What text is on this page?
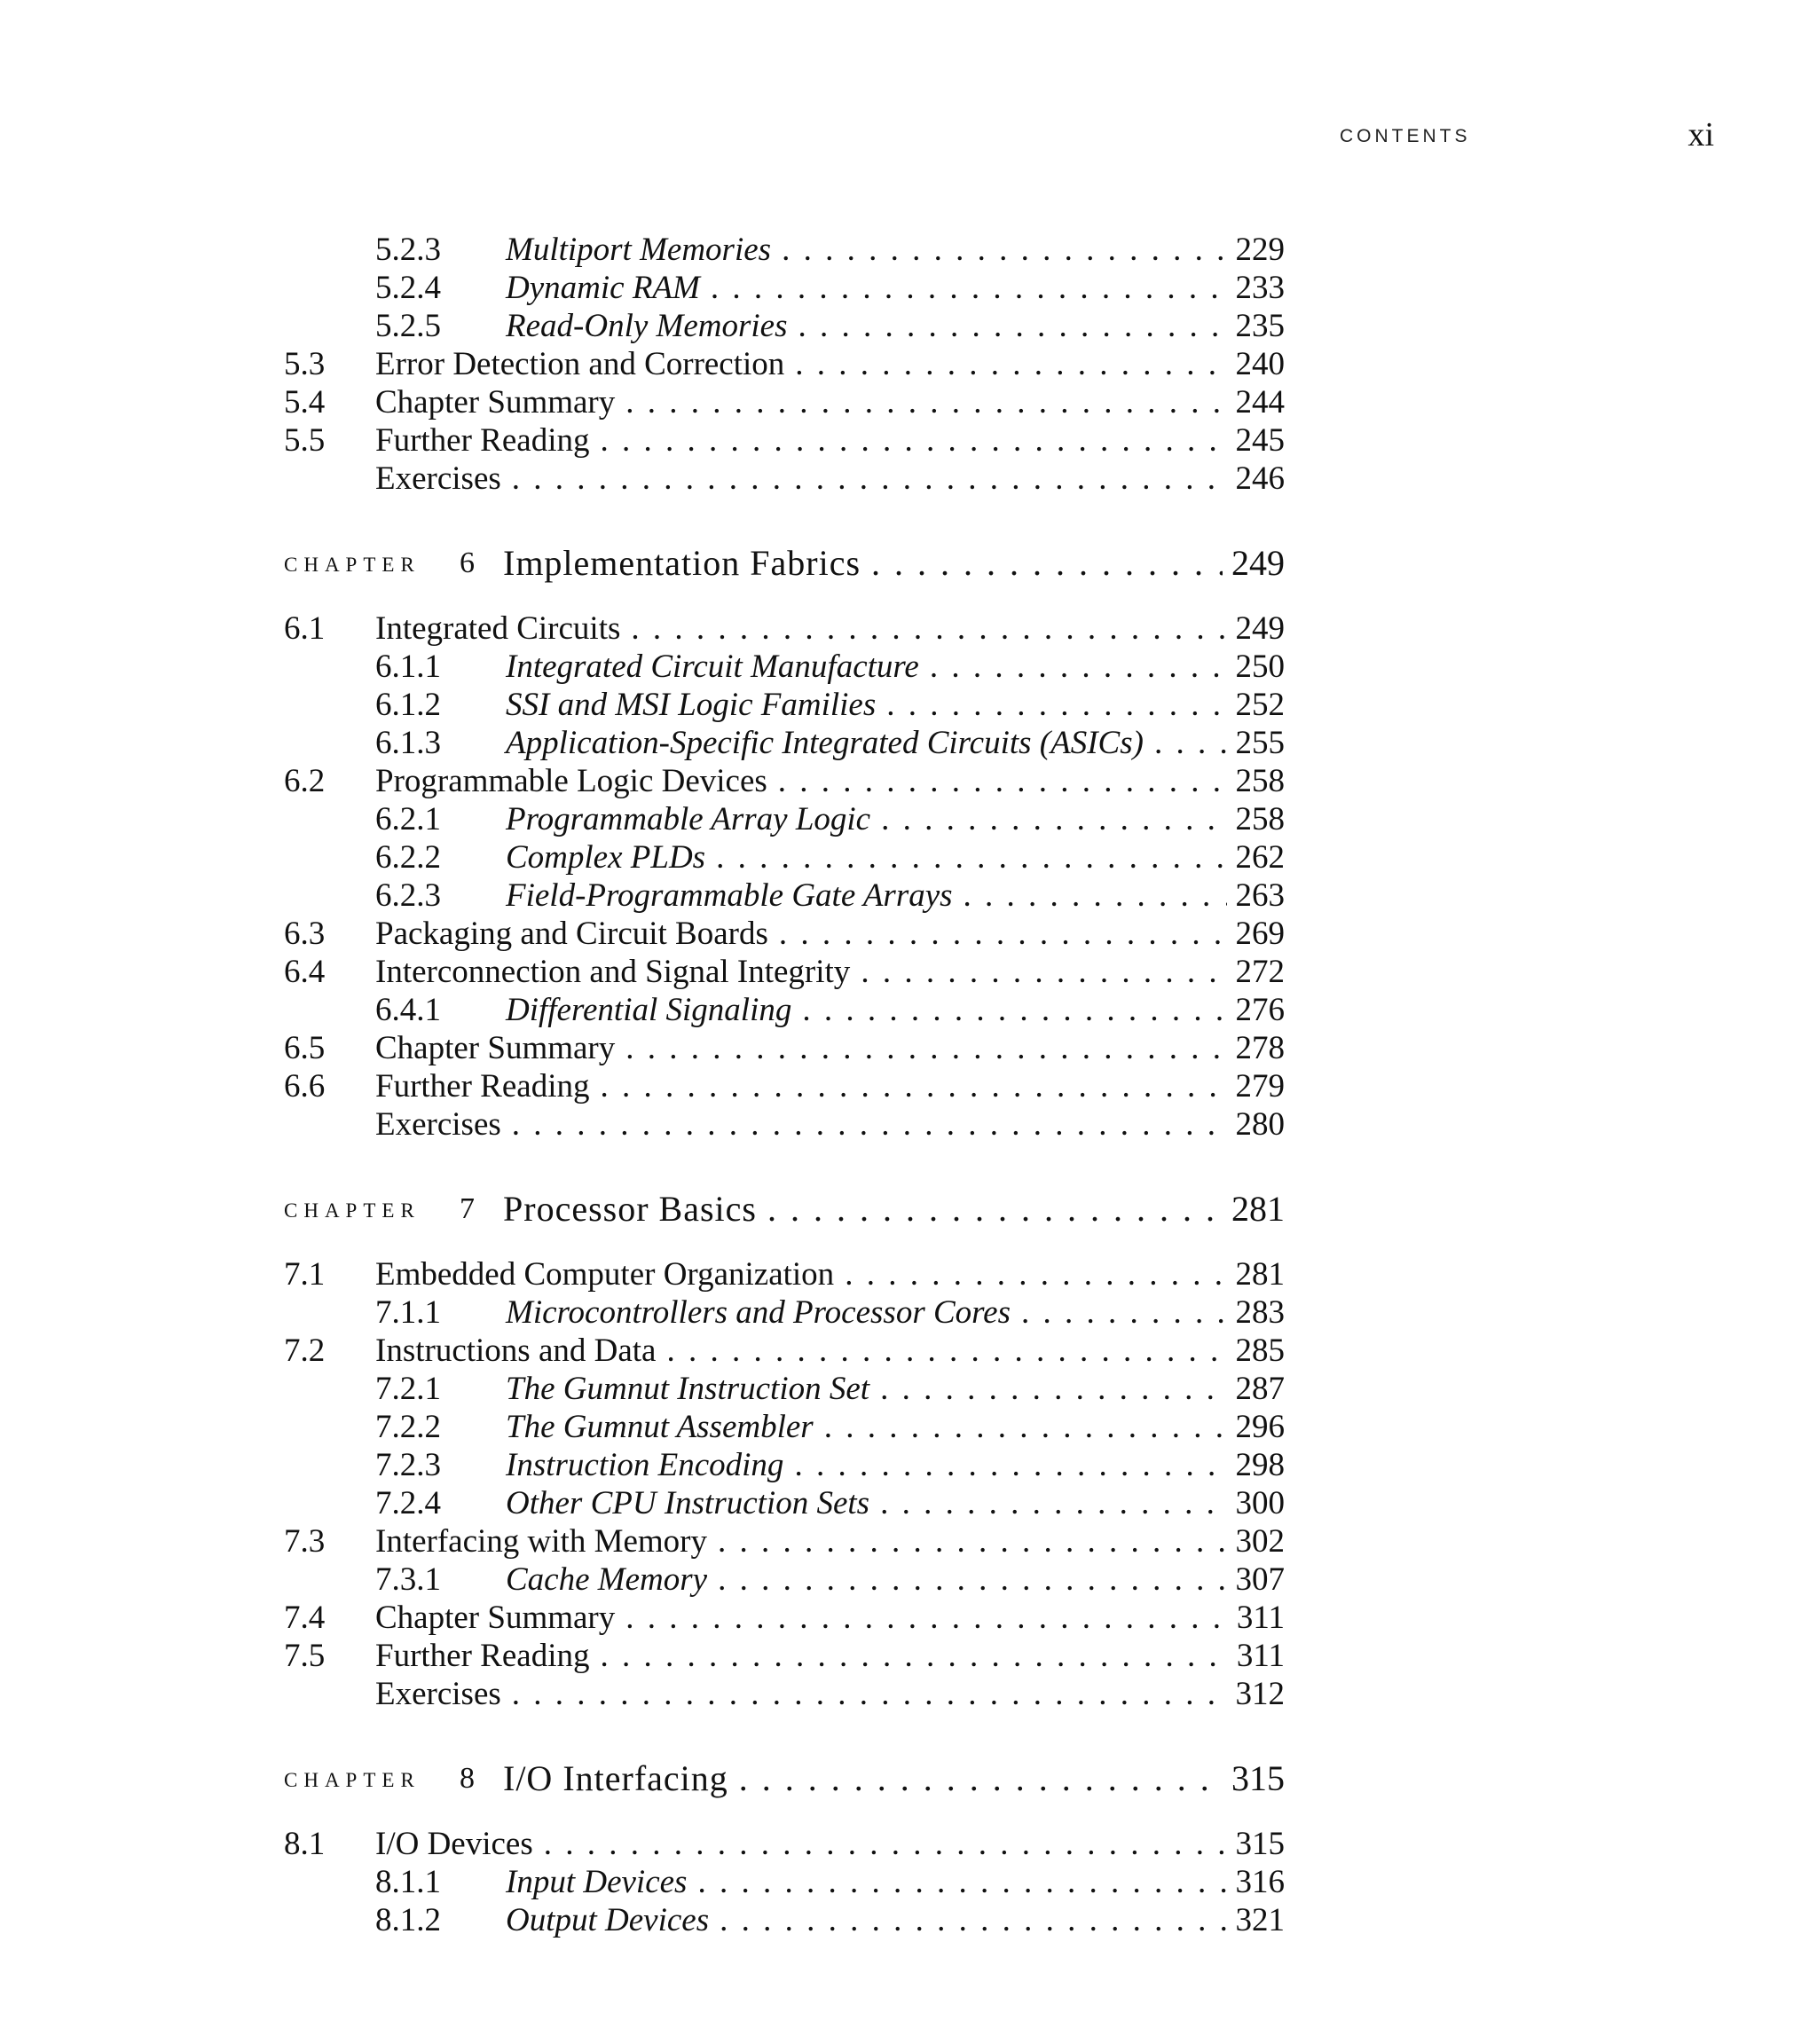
CONTENTS	xi
5.2.3 Multiport Memories . . .	229
5.2.4 Dynamic RAM . . .	233
5.2.5 Read-Only Memories . . .	235
5.3 Error Detection and Correction . . .	240
5.4 Chapter Summary . . .	244
5.5 Further Reading . . .	245
Exercises . . .	246
CHAPTER 6 Implementation Fabrics . . .	249
6.1 Integrated Circuits . . .	249
6.1.1 Integrated Circuit Manufacture . . .	250
6.1.2 SSI and MSI Logic Families . . .	252
6.1.3 Application-Specific Integrated Circuits (ASICs) . . .	255
6.2 Programmable Logic Devices . . .	258
6.2.1 Programmable Array Logic . . .	258
6.2.2 Complex PLDs . . .	262
6.2.3 Field-Programmable Gate Arrays . . .	263
6.3 Packaging and Circuit Boards . . .	269
6.4 Interconnection and Signal Integrity . . .	272
6.4.1 Differential Signaling . . .	276
6.5 Chapter Summary . . .	278
6.6 Further Reading . . .	279
Exercises . . .	280
CHAPTER 7 Processor Basics . . .	281
7.1 Embedded Computer Organization . . .	281
7.1.1 Microcontrollers and Processor Cores . . .	283
7.2 Instructions and Data . . .	285
7.2.1 The Gumnut Instruction Set . . .	287
7.2.2 The Gumnut Assembler . . .	296
7.2.3 Instruction Encoding . . .	298
7.2.4 Other CPU Instruction Sets . . .	300
7.3 Interfacing with Memory . . .	302
7.3.1 Cache Memory . . .	307
7.4 Chapter Summary . . .	311
7.5 Further Reading . . .	311
Exercises . . .	312
CHAPTER 8 I/O Interfacing . . .	315
8.1 I/O Devices . . .	315
8.1.1 Input Devices . . .	316
8.1.2 Output Devices . . .	321
